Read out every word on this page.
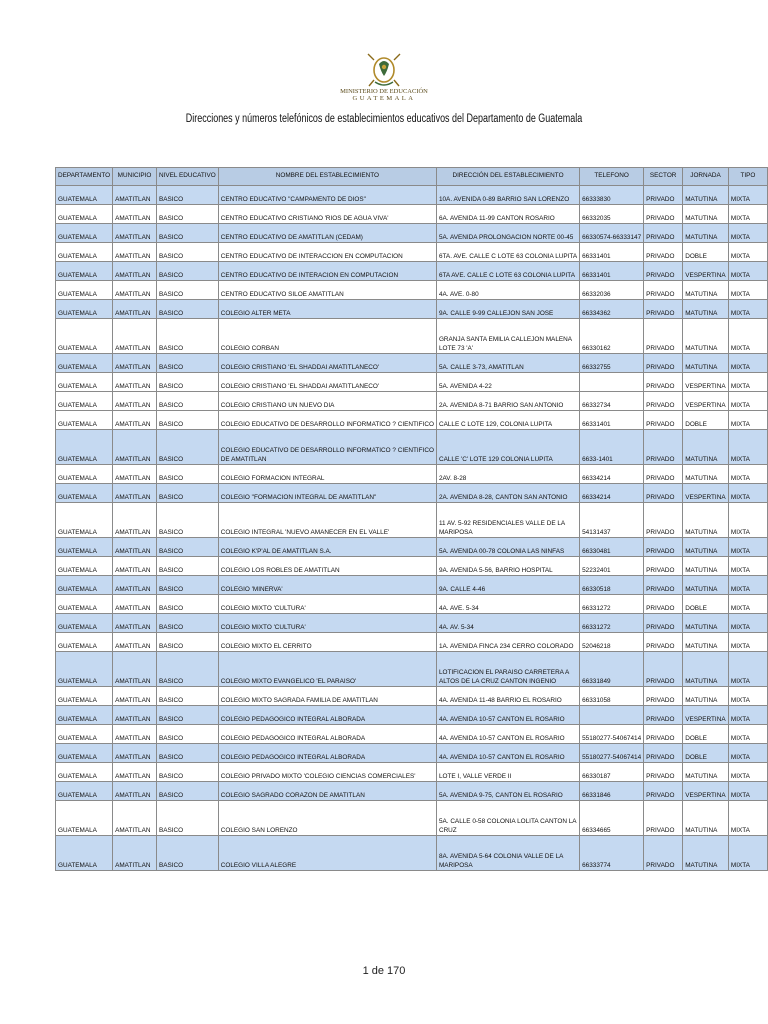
MINISTERIO DE EDUCACIÓN
GUATEMALA
Direcciones y números telefónicos de establecimientos educativos del Departamento de Guatemala
DEPARTAMENTO	MUNICIPIO	NIVEL EDUCATIVO	NOMBRE DEL ESTABLECIMIENTO	DIRECCIÓN DEL ESTABLECIMIENTO	TELEFONO	SECTOR	JORNADA	TIPO
GUATEMALA	AMATITLAN	BASICO	CENTRO EDUCATIVO "CAMPAMENTO DE DIOS"	10A. AVENIDA 0-89 BARRIO SAN LORENZO	66333830	PRIVADO	MATUTINA	MIXTA
GUATEMALA	AMATITLAN	BASICO	CENTRO EDUCATIVO CRISTIANO 'RIOS DE AGUA VIVA'	6A. AVENIDA 11-99 CANTON ROSARIO	66332035	PRIVADO	MATUTINA	MIXTA
GUATEMALA	AMATITLAN	BASICO	CENTRO EDUCATIVO DE AMATITLAN (CEDAM)	5A. AVENIDA PROLONGACION NORTE 00-45	66330574-66333147	PRIVADO	MATUTINA	MIXTA
GUATEMALA	AMATITLAN	BASICO	CENTRO EDUCATIVO DE INTERACCION EN COMPUTACION	6TA. AVE. CALLE C LOTE 63 COLONIA LUPITA	66331401	PRIVADO	DOBLE	MIXTA
GUATEMALA	AMATITLAN	BASICO	CENTRO EDUCATIVO DE INTERACION EN COMPUTACION	6TA AVE. CALLE C LOTE 63 COLONIA LUPITA	66331401	PRIVADO	VESPERTINA	MIXTA
GUATEMALA	AMATITLAN	BASICO	CENTRO EDUCATIVO SILOE AMATITLAN	4A. AVE. 0-80	66332036	PRIVADO	MATUTINA	MIXTA
GUATEMALA	AMATITLAN	BASICO	COLEGIO ALTER META	9A. CALLE 9-99 CALLEJON SAN JOSE	66334362	PRIVADO	MATUTINA	MIXTA
GUATEMALA	AMATITLAN	BASICO	COLEGIO CORBAN	GRANJA SANTA EMILIA CALLEJON MALENA LOTE 73 'A'	66330162	PRIVADO	MATUTINA	MIXTA
GUATEMALA	AMATITLAN	BASICO	COLEGIO CRISTIANO 'EL SHADDAI AMATITLANECO'	5A. CALLE 3-73, AMATITLAN	66332755	PRIVADO	MATUTINA	MIXTA
GUATEMALA	AMATITLAN	BASICO	COLEGIO CRISTIANO 'EL SHADDAI AMATITLANECO'	5A. AVENIDA 4-22		PRIVADO	VESPERTINA	MIXTA
GUATEMALA	AMATITLAN	BASICO	COLEGIO CRISTIANO UN NUEVO DIA	2A. AVENIDA 8-71 BARRIO SAN ANTONIO	66332734	PRIVADO	VESPERTINA	MIXTA
GUATEMALA	AMATITLAN	BASICO	COLEGIO EDUCATIVO DE DESARROLLO INFORMATICO ? CIENTIFICO	CALLE C LOTE 129, COLONIA LUPITA	66331401	PRIVADO	DOBLE	MIXTA
GUATEMALA	AMATITLAN	BASICO	COLEGIO EDUCATIVO DE DESARROLLO INFORMATICO ? CIENTIFICO DE AMATITLAN	CALLE 'C' LOTE 129 COLONIA LUPITA	6633-1401	PRIVADO	MATUTINA	MIXTA
GUATEMALA	AMATITLAN	BASICO	COLEGIO FORMACION INTEGRAL	2AV. 8-28	66334214	PRIVADO	MATUTINA	MIXTA
GUATEMALA	AMATITLAN	BASICO	COLEGIO "FORMACION INTEGRAL DE AMATITLAN"	2A. AVENIDA 8-28, CANTON SAN ANTONIO	66334214	PRIVADO	VESPERTINA	MIXTA
GUATEMALA	AMATITLAN	BASICO	COLEGIO INTEGRAL 'NUEVO AMANECER EN EL VALLE'	11 AV. 5-92 RESIDENCIALES VALLE DE LA MARIPOSA	54131437	PRIVADO	MATUTINA	MIXTA
GUATEMALA	AMATITLAN	BASICO	COLEGIO K'P'AL DE AMATITLAN S.A.	5A. AVENIDA 00-78 COLONIA LAS NINFAS	66330481	PRIVADO	MATUTINA	MIXTA
GUATEMALA	AMATITLAN	BASICO	COLEGIO LOS ROBLES DE AMATITLAN	9A. AVENIDA 5-56, BARRIO HOSPITAL	52232401	PRIVADO	MATUTINA	MIXTA
GUATEMALA	AMATITLAN	BASICO	COLEGIO 'MINERVA'	9A. CALLE 4-46	66330518	PRIVADO	MATUTINA	MIXTA
GUATEMALA	AMATITLAN	BASICO	COLEGIO MIXTO 'CULTURA'	4A. AVE. 5-34	66331272	PRIVADO	DOBLE	MIXTA
GUATEMALA	AMATITLAN	BASICO	COLEGIO MIXTO 'CULTURA'	4A. AV. 5-34	66331272	PRIVADO	MATUTINA	MIXTA
GUATEMALA	AMATITLAN	BASICO	COLEGIO MIXTO EL CERRITO	1A. AVENIDA FINCA 234 CERRO COLORADO	52046218	PRIVADO	MATUTINA	MIXTA
GUATEMALA	AMATITLAN	BASICO	COLEGIO MIXTO EVANGELICO 'EL PARAISO'	LOTIFICACION EL PARAISO CARRETERA A ALTOS DE LA CRUZ CANTON INGENIO	66331849	PRIVADO	MATUTINA	MIXTA
GUATEMALA	AMATITLAN	BASICO	COLEGIO MIXTO SAGRADA FAMILIA DE AMATITLAN	4A. AVENIDA 11-48 BARRIO EL ROSARIO	66331058	PRIVADO	MATUTINA	MIXTA
GUATEMALA	AMATITLAN	BASICO	COLEGIO PEDAGOGICO INTEGRAL ALBORADA	4A. AVENIDA 10-57 CANTON EL ROSARIO		PRIVADO	VESPERTINA	MIXTA
GUATEMALA	AMATITLAN	BASICO	COLEGIO PEDAGOGICO INTEGRAL ALBORADA	4A. AVENIDA 10-57 CANTON EL ROSARIO	55180277-54067414	PRIVADO	DOBLE	MIXTA
GUATEMALA	AMATITLAN	BASICO	COLEGIO PEDAGOGICO INTEGRAL ALBORADA	4A. AVENIDA 10-57 CANTON EL ROSARIO	55180277-54067414	PRIVADO	DOBLE	MIXTA
GUATEMALA	AMATITLAN	BASICO	COLEGIO PRIVADO MIXTO 'COLEGIO CIENCIAS COMERCIALES'	LOTE I, VALLE VERDE II	66330187	PRIVADO	MATUTINA	MIXTA
GUATEMALA	AMATITLAN	BASICO	COLEGIO SAGRADO CORAZON DE AMATITLAN	5A. AVENIDA 9-75, CANTON EL ROSARIO	66331846	PRIVADO	VESPERTINA	MIXTA
GUATEMALA	AMATITLAN	BASICO	COLEGIO SAN LORENZO	5A. CALLE 0-58 COLONIA LOLITA CANTON LA CRUZ	66334665	PRIVADO	MATUTINA	MIXTA
GUATEMALA	AMATITLAN	BASICO	COLEGIO VILLA ALEGRE	8A. AVENIDA 5-64 COLONIA VALLE DE LA MARIPOSA	66333774	PRIVADO	MATUTINA	MIXTA
1 de 170
